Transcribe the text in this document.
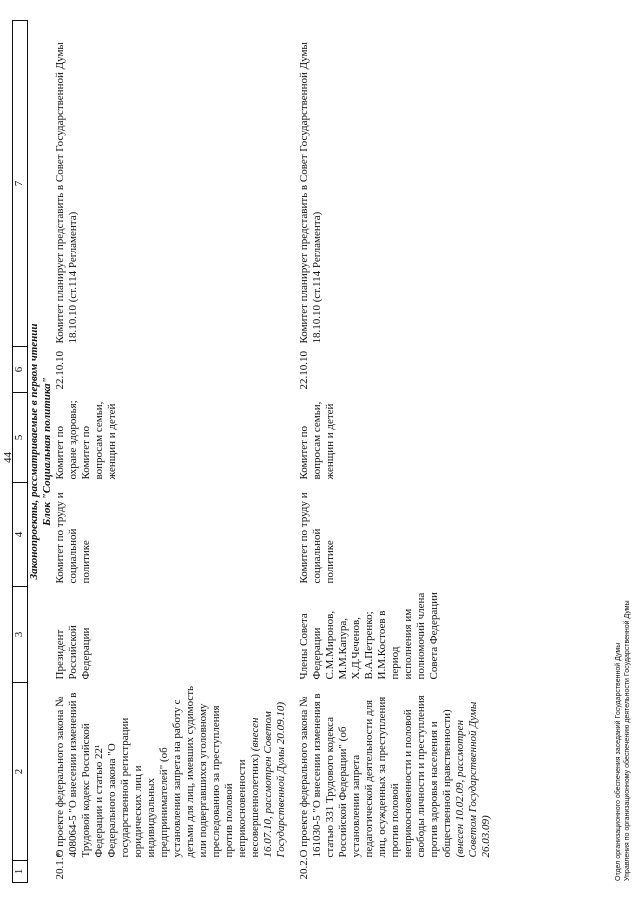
44
1	2	3	4	5	6	7
Законопроекты, рассматриваемые в первом чтении						
Блок "Социальная политика"						
20.1.*	О проекте федерального закона № 408064-5 "О внесении изменений в Трудовой кодекс Российской Федерации и статью 22¹ Федерального закона "О государственной регистрации юридических лиц и индивидуальных предпринимателей" (об установлении запрета на работу с детьми для лиц, имевших судимость или подвергавшихся уголовному преследованию за преступления против половой неприкосновенности несовершеннолетних) (внесен 16.07.10, рассмотрен Советом Государственной Думы 20.09.10)	Президент Российской Федерации	Комитет по труду и социальной политике	Комитет по охране здоровья; Комитет по вопросам семьи, женщин и детей	22.10.10	Комитет планирует представить в Совет Государственной Думы 18.10.10 (ст.114 Регламента)

20.2.	О проекте федерального закона № 161030-5 "О внесении изменения в статью 331 Трудового кодекса Российской Федерации" (об установлении запрета педагогической деятельности для лиц, осужденных за преступления против половой неприкосновенности и половой свободы личности и преступления против здоровья населения и общественной нравственности) (внесен 10.02.09, рассмотрен Советом Государственной Думы 26.03.09)	Члены Совета Федерации С.М.Миронов, М.М.Капура, Х.Д.Чеченов, В.А.Петренко; И.М.Костоев в период исполнения им полномочий члена Совета Федерации	Комитет по труду и социальной политике	Комитет по вопросам семьи, женщин и детей	22.10.10	Комитет планирует представить в Совет Государственной Думы 18.10.10 (ст.114 Регламента)
Отдел организационного обеспечения заседаний Государственной Думы Управления по организационному обеспечению деятельности Государственной Думы
